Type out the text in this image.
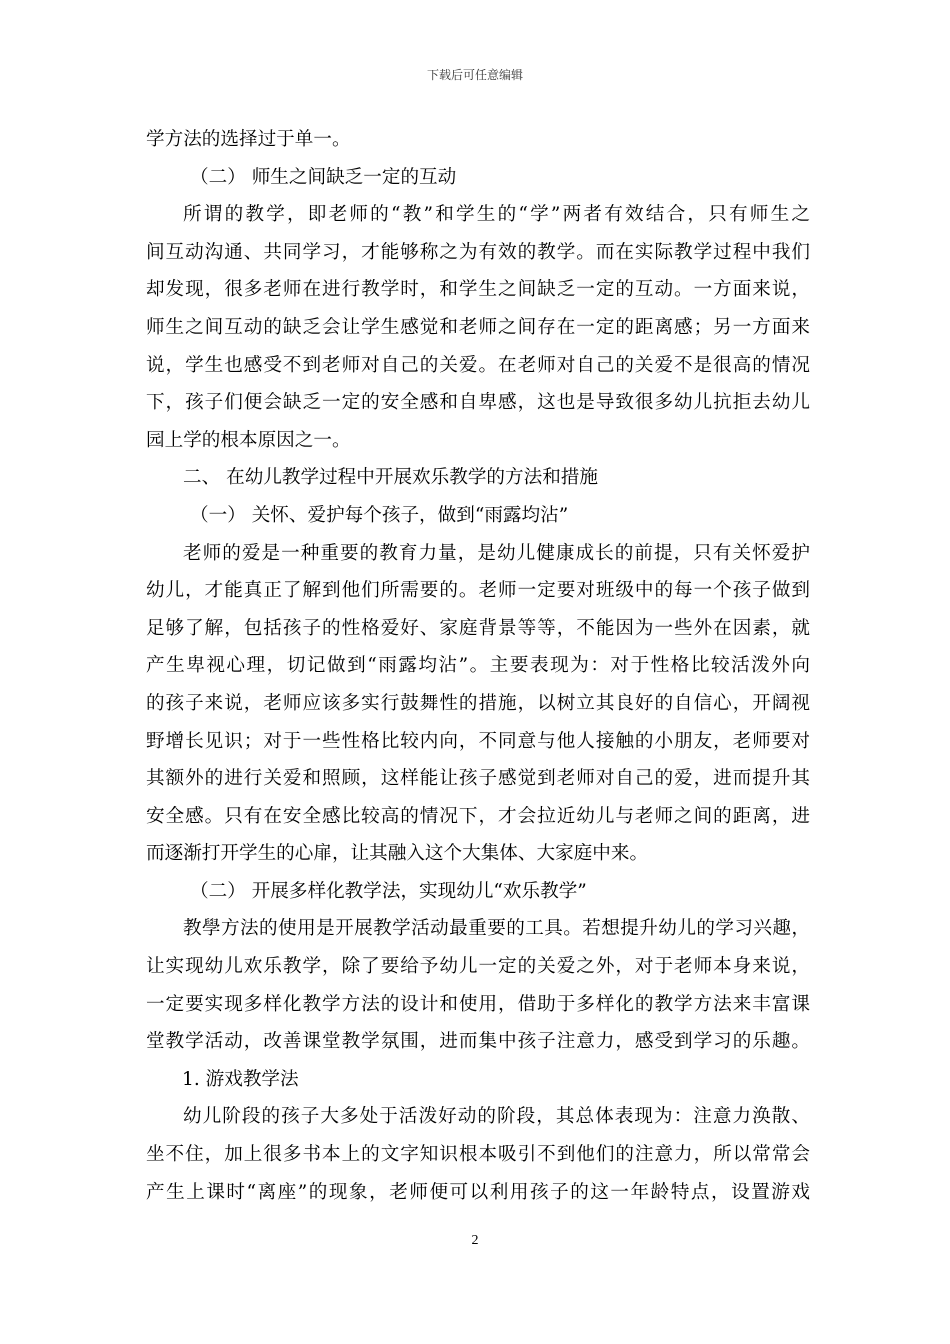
下载后可任意编辑
学方法的选择过于单一。
（二） 师生之间缺乏一定的互动
所谓的教学，即老师的“教”和学生的“学”两者有效结合，只有师生之
间互动沟通、共同学习，才能够称之为有效的教学。而在实际教学过程中我们
却发现，很多老师在进行教学时，和学生之间缺乏一定的互动。一方面来说，
师生之间互动的缺乏会让学生感觉和老师之间存在一定的距离感；另一方面来
说，学生也感受不到老师对自己的关爱。在老师对自己的关爱不是很高的情况
下，孩子们便会缺乏一定的安全感和自卑感，这也是导致很多幼儿抗拒去幼儿
园上学的根本原因之一。
二、 在幼儿教学过程中开展欢乐教学的方法和措施
（一） 关怀、爱护每个孩子，做到“雨露均沾”
老师的爱是一种重要的教育力量，是幼儿健康成长的前提，只有关怀爱护
幼儿，才能真正了解到他们所需要的。老师一定要对班级中的每一个孩子做到
足够了解，包括孩子的性格爱好、家庭背景等等，不能因为一些外在因素，就
产生卑视心理，切记做到“雨露均沾”。主要表现为：对于性格比较活泼外向
的孩子来说，老师应该多实行鼓舞性的措施，以树立其良好的自信心，开阔视
野增长见识；对于一些性格比较内向，不同意与他人接触的小朋友，老师要对
其额外的进行关爱和照顾，这样能让孩子感觉到老师对自己的爱，进而提升其
安全感。只有在安全感比较高的情况下，才会拉近幼儿与老师之间的距离，进
而逐渐打开学生的心扉，让其融入这个大集体、大家庭中来。
（二） 开展多样化教学法，实现幼儿“欢乐教学”
教學方法的使用是开展教学活动最重要的工具。若想提升幼儿的学习兴趣，
让实现幼儿欢乐教学，除了要给予幼儿一定的关爱之外，对于老师本身来说，
一定要实现多样化教学方法的设计和使用，借助于多样化的教学方法来丰富课
堂教学活动，改善课堂教学氛围，进而集中孩子注意力，感受到学习的乐趣。
1. 游戏教学法
幼儿阶段的孩子大多处于活泼好动的阶段，其总体表现为：注意力涣散、
坐不住，加上很多书本上的文字知识根本吸引不到他们的注意力，所以常常会
产生上课时“离座”的现象，老师便可以利用孩子的这一年龄特点，设置游戏
2
